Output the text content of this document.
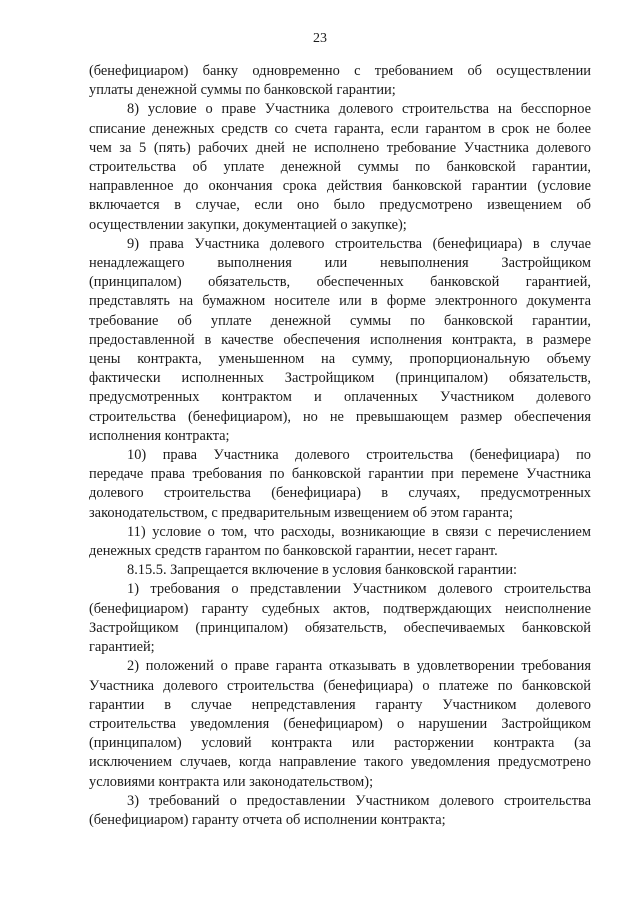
23
(бенефициаром) банку одновременно с требованием об осуществлении
уплаты денежной суммы по банковской гарантии;
8) условие о праве Участника долевого строительства на бесспорное
списание денежных средств со счета гаранта, если гарантом в срок не более
чем за 5 (пять) рабочих дней не исполнено требование Участника долевого
строительства об уплате денежной суммы по банковской гарантии,
направленное до окончания срока действия банковской гарантии (условие
включается в случае, если оно было предусмотрено извещением об
осуществлении закупки, документацией о закупке);
9) права Участника долевого строительства (бенефициара) в случае
ненадлежащего выполнения или невыполнения Застройщиком
(принципалом) обязательств, обеспеченных банковской гарантией,
представлять на бумажном носителе или в форме электронного документа
требование об уплате денежной суммы по банковской гарантии,
предоставленной в качестве обеспечения исполнения контракта, в размере
цены контракта, уменьшенном на сумму, пропорциональную объему
фактически исполненных Застройщиком (принципалом) обязательств,
предусмотренных контрактом и оплаченных Участником долевого
строительства (бенефициаром), но не превышающем размер обеспечения
исполнения контракта;
10) права Участника долевого строительства (бенефициара) по
передаче права требования по банковской гарантии при перемене Участника
долевого строительства (бенефициара) в случаях, предусмотренных
законодательством, с предварительным извещением об этом гаранта;
11) условие о том, что расходы, возникающие в связи с перечислением
денежных средств гарантом по банковской гарантии, несет гарант.
8.15.5. Запрещается включение в условия банковской гарантии:
1) требования о представлении Участником долевого строительства
(бенефициаром) гаранту судебных актов, подтверждающих неисполнение
Застройщиком (принципалом) обязательств, обеспечиваемых банковской
гарантией;
2) положений о праве гаранта отказывать в удовлетворении требования
Участника долевого строительства (бенефициара) о платеже по банковской
гарантии в случае непредставления гаранту Участником долевого
строительства уведомления (бенефициаром) о нарушении Застройщиком
(принципалом) условий контракта или расторжении контракта (за
исключением случаев, когда направление такого уведомления предусмотрено
условиями контракта или законодательством);
3) требований о предоставлении Участником долевого строительства
(бенефициаром) гаранту отчета об исполнении контракта;
